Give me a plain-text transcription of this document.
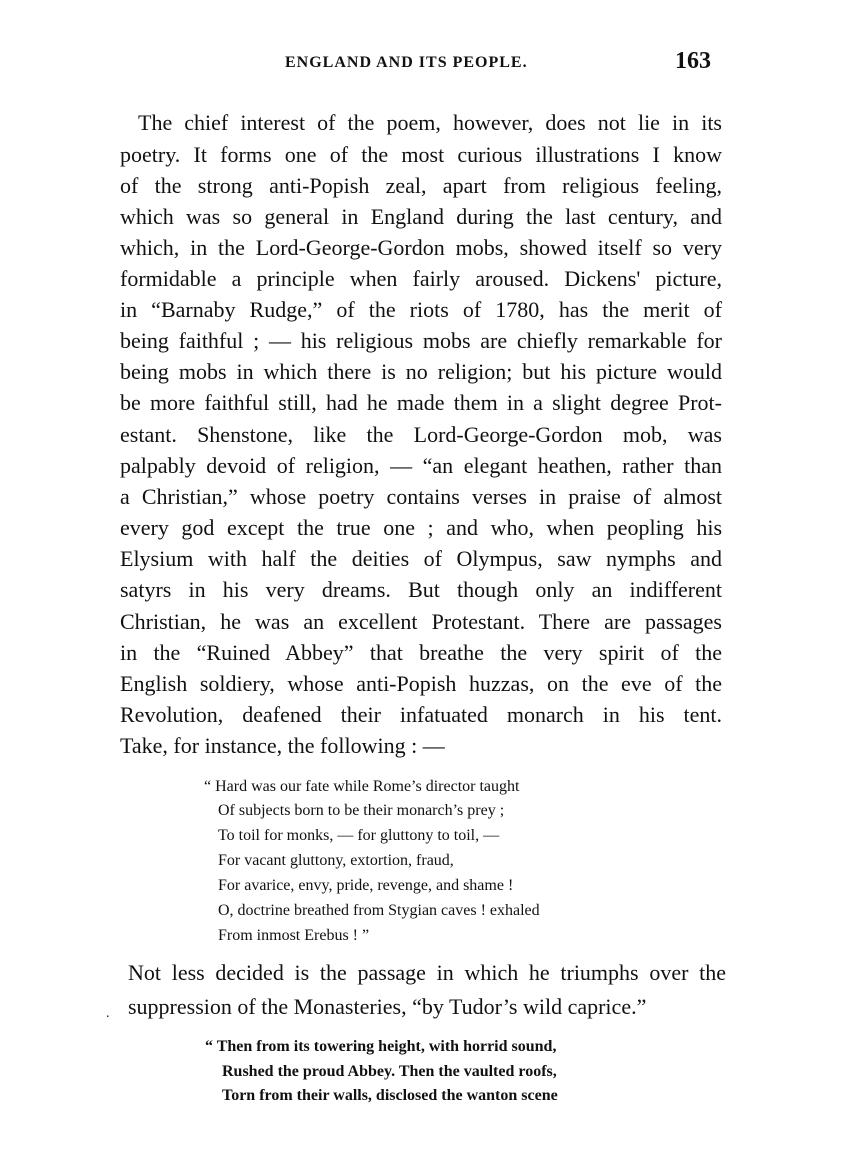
ENGLAND AND ITS PEOPLE.	163
The chief interest of the poem, however, does not lie in its
poetry. It forms one of the most curious illustrations I know
of the strong anti-Popish zeal, apart from religious feeling,
which was so general in England during the last century, and
which, in the Lord-George-Gordon mobs, showed itself so very
formidable a principle when fairly aroused. Dickens' picture,
in “Barnaby Rudge,” of the riots of 1780, has the merit of
being faithful ; — his religious mobs are chiefly remarkable for
being mobs in which there is no religion; but his picture would
be more faithful still, had he made them in a slight degree Prot-
estant. Shenstone, like the Lord-George-Gordon mob, was
palpably devoid of religion, — “an elegant heathen, rather than
a Christian,” whose poetry contains verses in praise of almost
every god except the true one ; and who, when peopling his
Elysium with half the deities of Olympus, saw nymphs and
satyrs in his very dreams. But though only an indifferent
Christian, he was an excellent Protestant. There are passages
in the “Ruined Abbey” that breathe the very spirit of the
English soldiery, whose anti-Popish huzzas, on the eve of the
Revolution, deafened their infatuated monarch in his tent.
Take, for instance, the following : —
“ Hard was our fate while Rome’s director taught
Of subjects born to be their monarch’s prey ;
To toil for monks, — for gluttony to toil, —
For vacant gluttony, extortion, fraud,
For avarice, envy, pride, revenge, and shame !
O, doctrine breathed from Stygian caves ! exhaled
From inmost Erebus ! ”
Not less decided is the passage in which he triumphs over the
suppression of the Monasteries, “by Tudor’s wild caprice.”
.
“ Then from its towering height, with horrid sound,
Rushed the proud Abbey. Then the vaulted roofs,
Torn from their walls, disclosed the wanton scene
